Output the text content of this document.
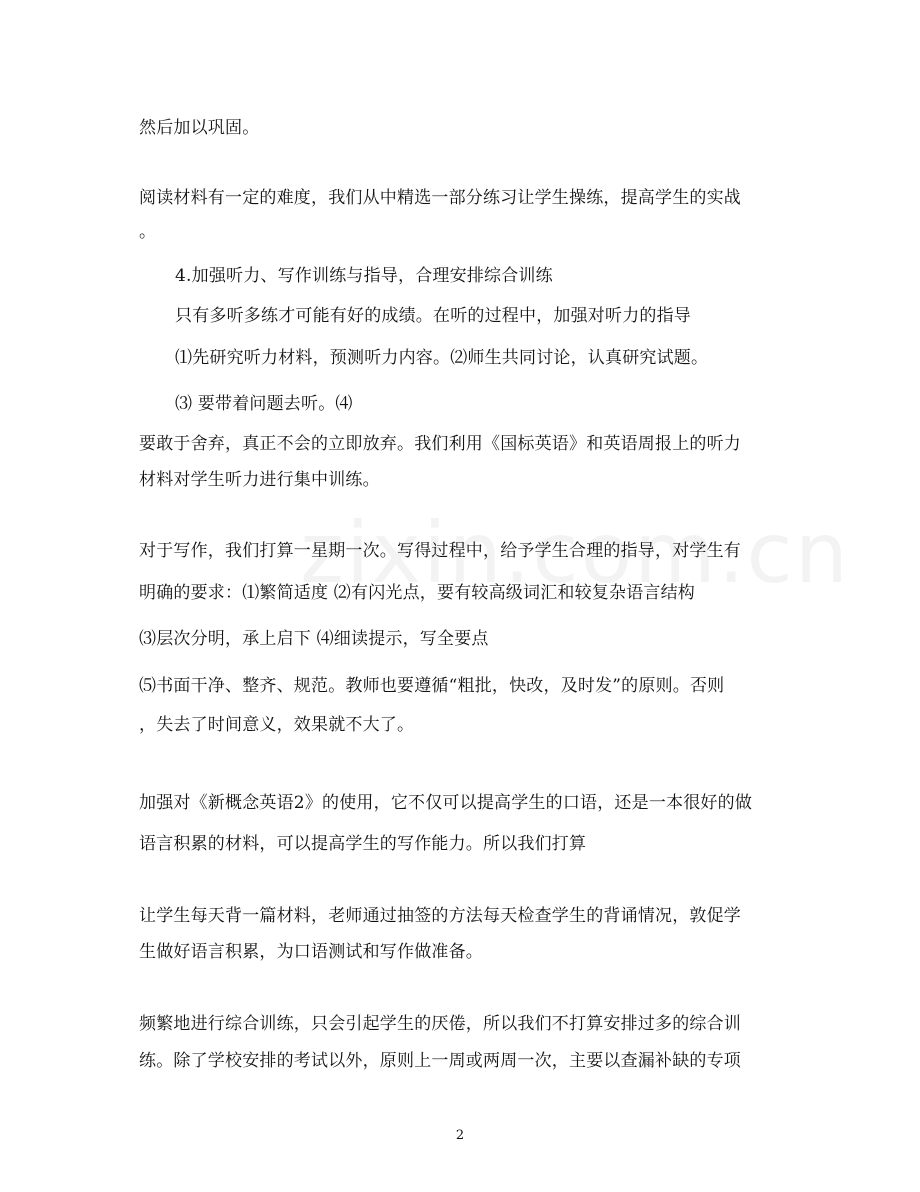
然后加以巩固。
阅读材料有一定的难度，我们从中精选一部分练习让学生操练，提高学生的实战
。
4.加强听力、写作训练与指导，合理安排综合训练
只有多听多练才可能有好的成绩。在听的过程中，加强对听力的指导
⑴先研究听力材料，预测听力内容。⑵师生共同讨论，认真研究试题。
⑶ 要带着问题去听。⑷
要敢于舍弃，真正不会的立即放弃。我们利用《国标英语》和英语周报上的听力
材料对学生听力进行集中训练。
对于写作，我们打算一星期一次。写得过程中，给予学生合理的指导，对学生有
明确的要求：⑴繁简适度 ⑵有闪光点，要有较高级词汇和较复杂语言结构
⑶层次分明，承上启下 ⑷细读提示，写全要点
⑸书面干净、整齐、规范。教师也要遵循“粗批，快改，及时发”的原则。否则
，失去了时间意义，效果就不大了。
加强对《新概念英语2》的使用，它不仅可以提高学生的口语，还是一本很好的做
语言积累的材料，可以提高学生的写作能力。所以我们打算
让学生每天背一篇材料，老师通过抽签的方法每天检查学生的背诵情况，敦促学
生做好语言积累，为口语测试和写作做准备。
频繁地进行综合训练，只会引起学生的厌倦，所以我们不打算安排过多的综合训
练。除了学校安排的考试以外，原则上一周或两周一次，主要以查漏补缺的专项
2
